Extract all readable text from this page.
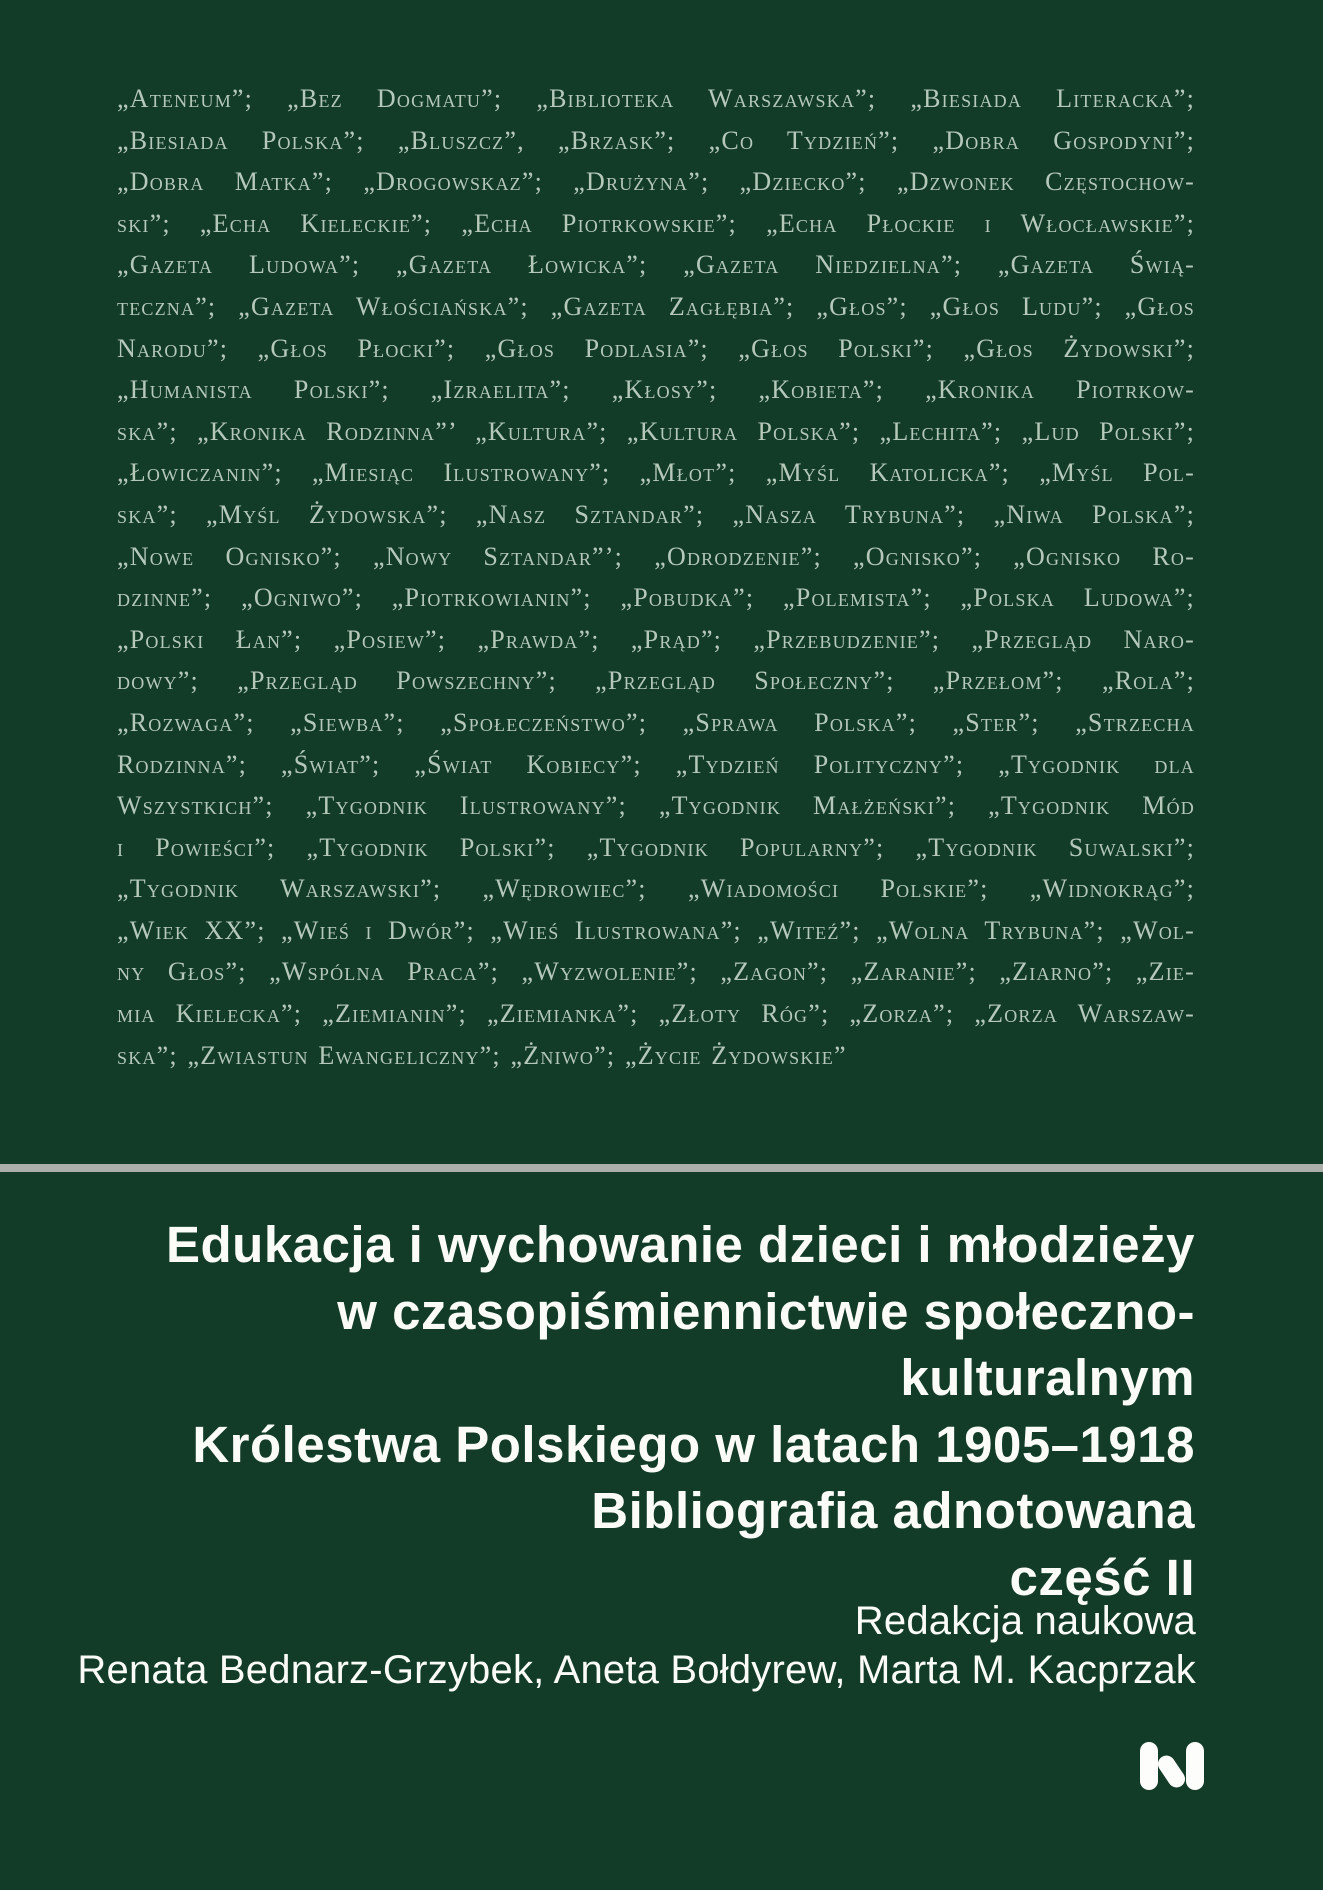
„Ateneum”; „Bez Dogmatu”; „Biblioteka Warszawska”; „Biesiada Literacka”;
„Biesiada Polska”; „Bluszcz”, „Brzask”; „Co Tydzień”; „Dobra Gospodyni”;
„Dobra Matka”; „Drogowskaz”; „Drużyna”; „Dziecko”; „Dzwonek Częstochow-
ski”; „Echa Kieleckie”; „Echa Piotrkowskie”; „Echa Płockie i Włocławskie”;
„Gazeta Ludowa”; „Gazeta Łowicka”; „Gazeta Niedzielna”; „Gazeta Świą-
teczna”; „Gazeta Włościańska”; „Gazeta Zagłębia”; „Głos”; „Głos Ludu”; „Głos
Narodu”; „Głos Płocki”; „Głos Podlasia”; „Głos Polski”; „Głos Żydowski”;
„Humanista Polski”; „Izraelita”; „Kłosy”; „Kobieta”; „Kronika Piotrkow-
ska”; „Kronika Rodzinna”’ „Kultura”; „Kultura Polska”; „Lechita”; „Lud Polski”;
„Łowiczanin”; „Miesiąc Ilustrowany”; „Młot”; „Myśl Katolicka”; „Myśl Pol-
ska”; „Myśl Żydowska”; „Nasz Sztandar”; „Nasza Trybuna”; „Niwa Polska”;
„Nowe Ognisko”; „Nowy Sztandar”’; „Odrodzenie”; „Ognisko”; „Ognisko Ro-
dzinne”; „Ogniwo”; „Piotrkowianin”; „Pobudka”; „Polemista”; „Polska Ludowa”;
„Polski Łan”; „Posiew”; „Prawda”; „Prąd”; „Przebudzenie”; „Przegląd Naro-
dowy”; „Przegląd Powszechny”; „Przegląd Społeczny”; „Przełom”; „Rola”;
„Rozwaga”; „Siewba”; „Społeczeństwo”; „Sprawa Polska”; „Ster”; „Strzecha
Rodzinna”; „Świat”; „Świat Kobiecy”; „Tydzień Polityczny”; „Tygodnik dla
Wszystkich”; „Tygodnik Ilustrowany”; „Tygodnik Małżeński”; „Tygodnik Mód
i Powieści”; „Tygodnik Polski”; „Tygodnik Popularny”; „Tygodnik Suwalski”;
„Tygodnik Warszawski”; „Wędrowiec”; „Wiadomości Polskie”; „Widnokrąg”;
„Wiek XX”; „Wieś i Dwór”; „Wieś Ilustrowana”; „Witeź”; „Wolna Trybuna”; „Wol-
ny Głos”; „Wspólna Praca”; „Wyzwolenie”; „Zagon”; „Zaranie”; „Ziarno”; „Zie-
mia Kielecka”; „Ziemianin”; „Ziemianka”; „Złoty Róg”; „Zorza”; „Zorza Warszaw-
ska”; „Zwiastun Ewangeliczny”; „Żniwo”; „Życie Żydowskie”
Edukacja i wychowanie dzieci i młodzieży
w czasopiśmiennictwie społeczno-kulturalnym
Królestwa Polskiego w latach 1905–1918
Bibliografia adnotowana
część II
Redakcja naukowa
Renata Bednarz-Grzybek, Aneta Bołdyrew, Marta M. Kacprzak
